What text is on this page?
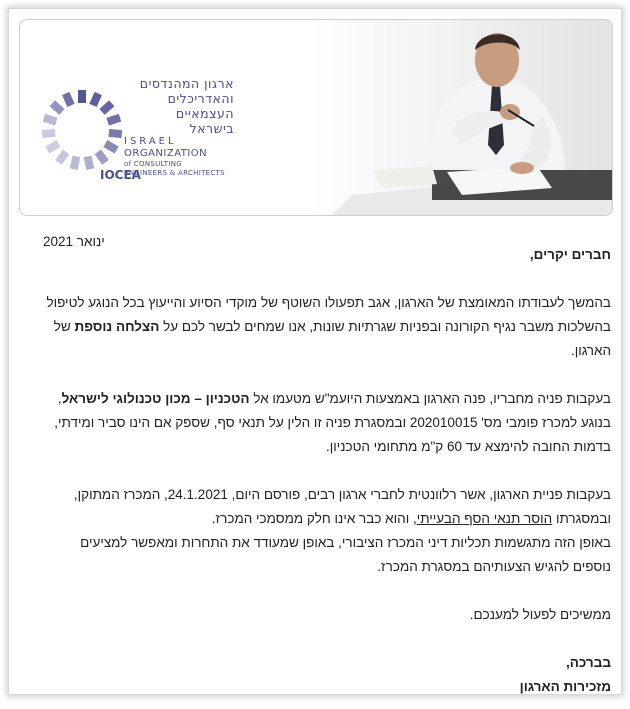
ארגון המהנדסים
והאדריכלים
העצמאיים
בישראל
ISRAEL
ORGANIZATION
of CONSULTING
ENGINEERS & ARCHITECTS
IOCEA
ינואר 2021

חברים יקרים,

בהמשך לעבודתו המאומצת של הארגון, אגב תפעולו השוטף של מוקדי הסיוע והייעוץ בכל הנוגע לטיפול בהשלכות משבר נגיף הקורונה ובפניות שגרתיות שונות, אנו שמחים לבשר לכם על הצלחה נוספת של הארגון.

בעקבות פניה מחבריו, פנה הארגון באמצעות היועמ"ש מטעמו אל הטכניון – מכון טכנולוגי לישראל, בנוגע למכרז פומבי מס' 202010015 ובמסגרת פניה זו הלין על תנאי סף, שספק אם הינו סביר ומידתי, בדמות החובה להימצא עד 60 ק"מ מתחומי הטכניון.

בעקבות פניית הארגון, אשר רלוונטית לחברי ארגון רבים, פורסם היום, 24.1.2021, המכרז המתוקן, ובמסגרתו הוסר תנאי הסף הבעייתי, והוא כבר אינו חלק ממסמכי המכרז.

באופן הזה מתגשמות תכליות דיני המכרז הציבורי, באופן שמעודד את התחרות ומאפשר למציעים נוספים להגיש הצעותיהם במסגרת המכרז.

ממשיכים לפעול למענכם.

בברכה,

מזכירות הארגון
